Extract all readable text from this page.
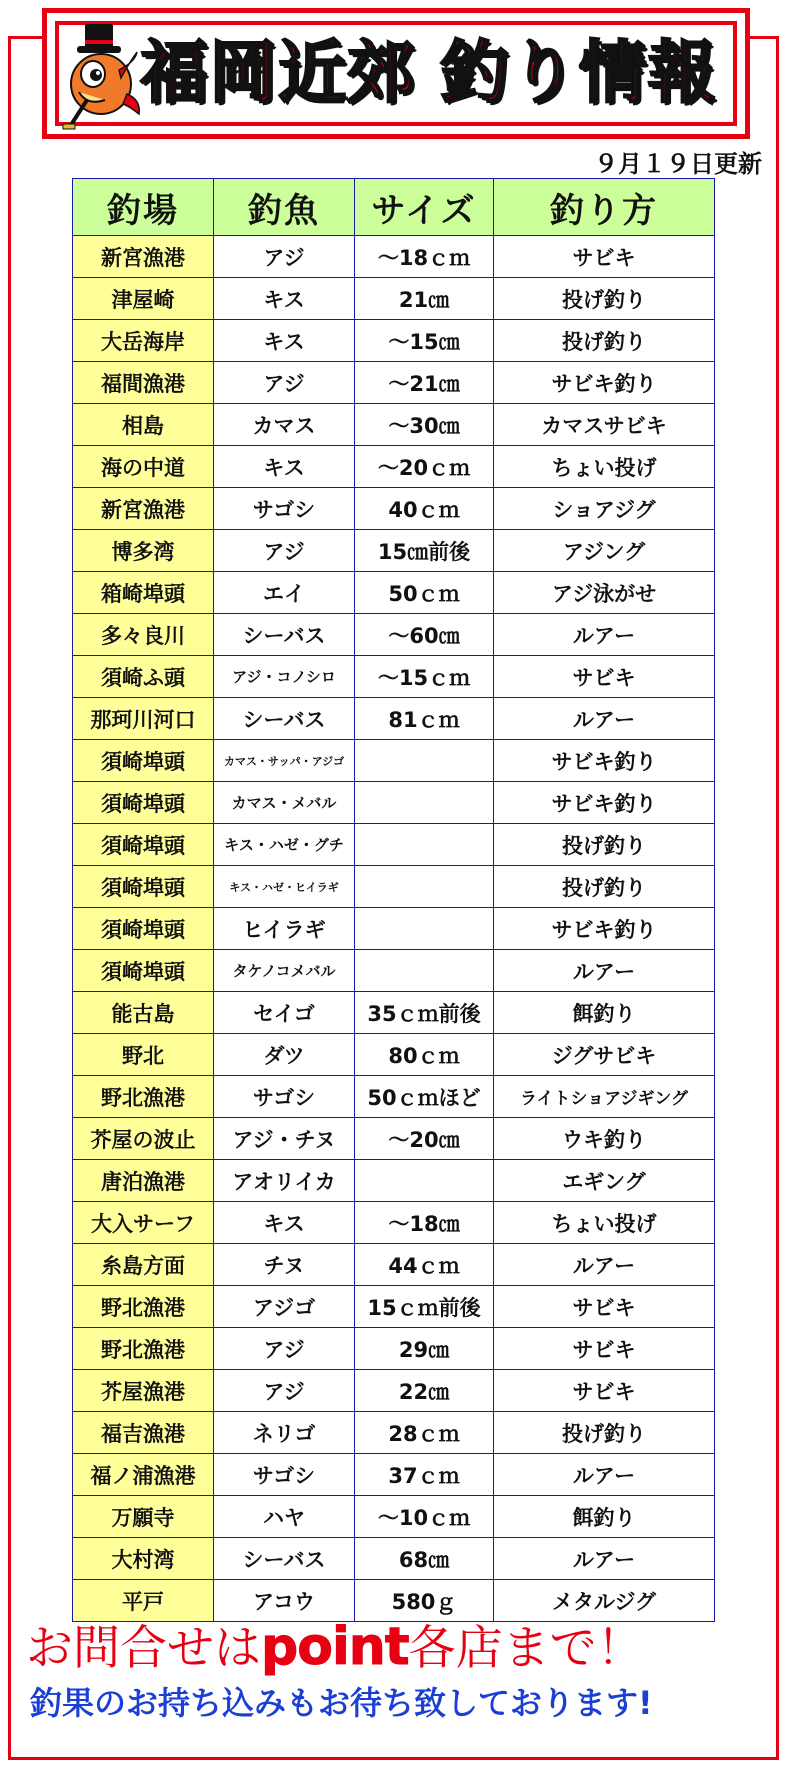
福岡近郊 釣り情報
９月１９日更新
釣場	釣魚	サイズ	釣り方
新宮漁港	アジ	～18ｃｍ	サビキ
津屋崎	キス	21㎝	投げ釣り
大岳海岸	キス	～15㎝	投げ釣り
福間漁港	アジ	～21㎝	サビキ釣り
相島	カマス	～30㎝	カマスサビキ
海の中道	キス	～20ｃｍ	ちょい投げ
新宮漁港	サゴシ	40ｃｍ	ショアジグ
博多湾	アジ	15㎝前後	アジング
箱崎埠頭	エイ	50ｃｍ	アジ泳がせ
多々良川	シーバス	～60㎝	ルアー
須崎ふ頭	アジ・コノシロ	～15ｃｍ	サビキ
那珂川河口	シーバス	81ｃｍ	ルアー
須崎埠頭	カマス・サッパ・アジゴ		サビキ釣り
須崎埠頭	カマス・メバル		サビキ釣り
須崎埠頭	キス・ハゼ・グチ		投げ釣り
須崎埠頭	キス・ハゼ・ヒイラギ		投げ釣り
須崎埠頭	ヒイラギ		サビキ釣り
須崎埠頭	タケノコメバル		ルアー
能古島	セイゴ	35ｃｍ前後	餌釣り
野北	ダツ	80ｃｍ	ジグサビキ
野北漁港	サゴシ	50ｃｍほど	ライトショアジギング
芥屋の波止	アジ・チヌ	～20㎝	ウキ釣り
唐泊漁港	アオリイカ		エギング
大入サーフ	キス	～18㎝	ちょい投げ
糸島方面	チヌ	44ｃｍ	ルアー
野北漁港	アジゴ	15ｃｍ前後	サビキ
野北漁港	アジ	29㎝	サビキ
芥屋漁港	アジ	22㎝	サビキ
福吉漁港	ネリゴ	28ｃｍ	投げ釣り
福ノ浦漁港	サゴシ	37ｃｍ	ルアー
万願寺	ハヤ	～10ｃｍ	餌釣り
大村湾	シーバス	68㎝	ルアー
平戸	アコウ	580ｇ	メタルジグ
お問合せはpoint各店まで！
釣果のお持ち込みもお待ち致しております!
